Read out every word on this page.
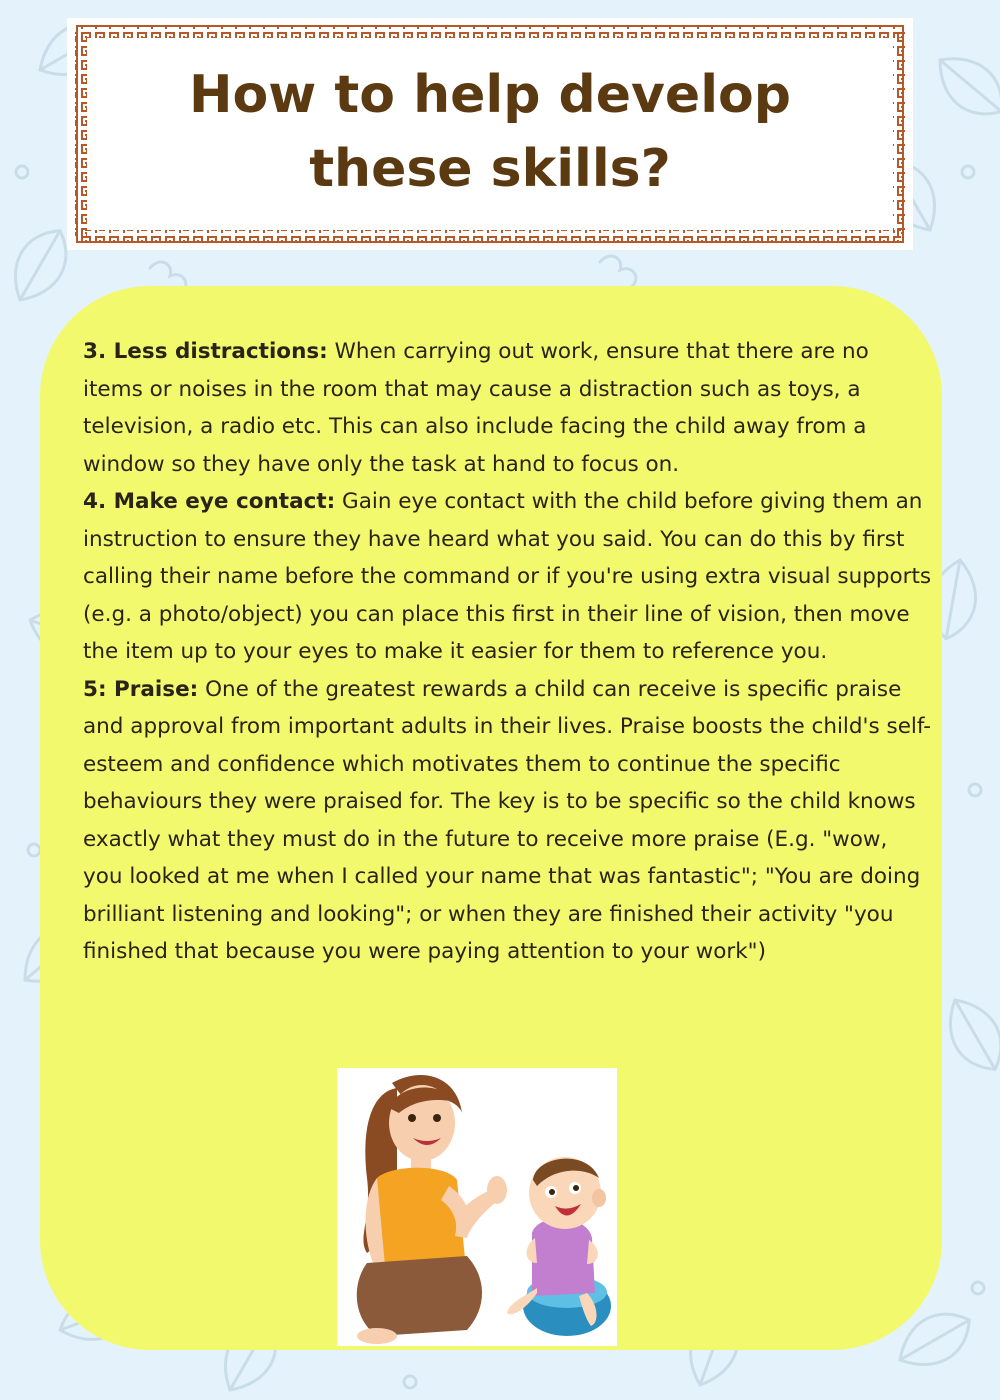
How to help develop these skills?

3. Less distractions: When carrying out work, ensure that there are no items or noises in the room that may cause a distraction such as toys, a television, a radio etc. This can also include facing the child away from a window so they have only the task at hand to focus on.

4. Make eye contact: Gain eye contact with the child before giving them an instruction to ensure they have heard what you said. You can do this by first calling their name before the command or if you're using extra visual supports (e.g. a photo/object) you can place this first in their line of vision, then move the item up to your eyes to make it easier for them to reference you.

5: Praise: One of the greatest rewards a child can receive is specific praise and approval from important adults in their lives. Praise boosts the child's self-esteem and confidence which motivates them to continue the specific behaviours they were praised for. The key is to be specific so the child knows exactly what they must do in the future to receive more praise (E.g. "wow, you looked at me when I called your name that was fantastic"; "You are doing brilliant listening and looking"; or when they are finished their activity "you finished that because you were paying attention to your work")
